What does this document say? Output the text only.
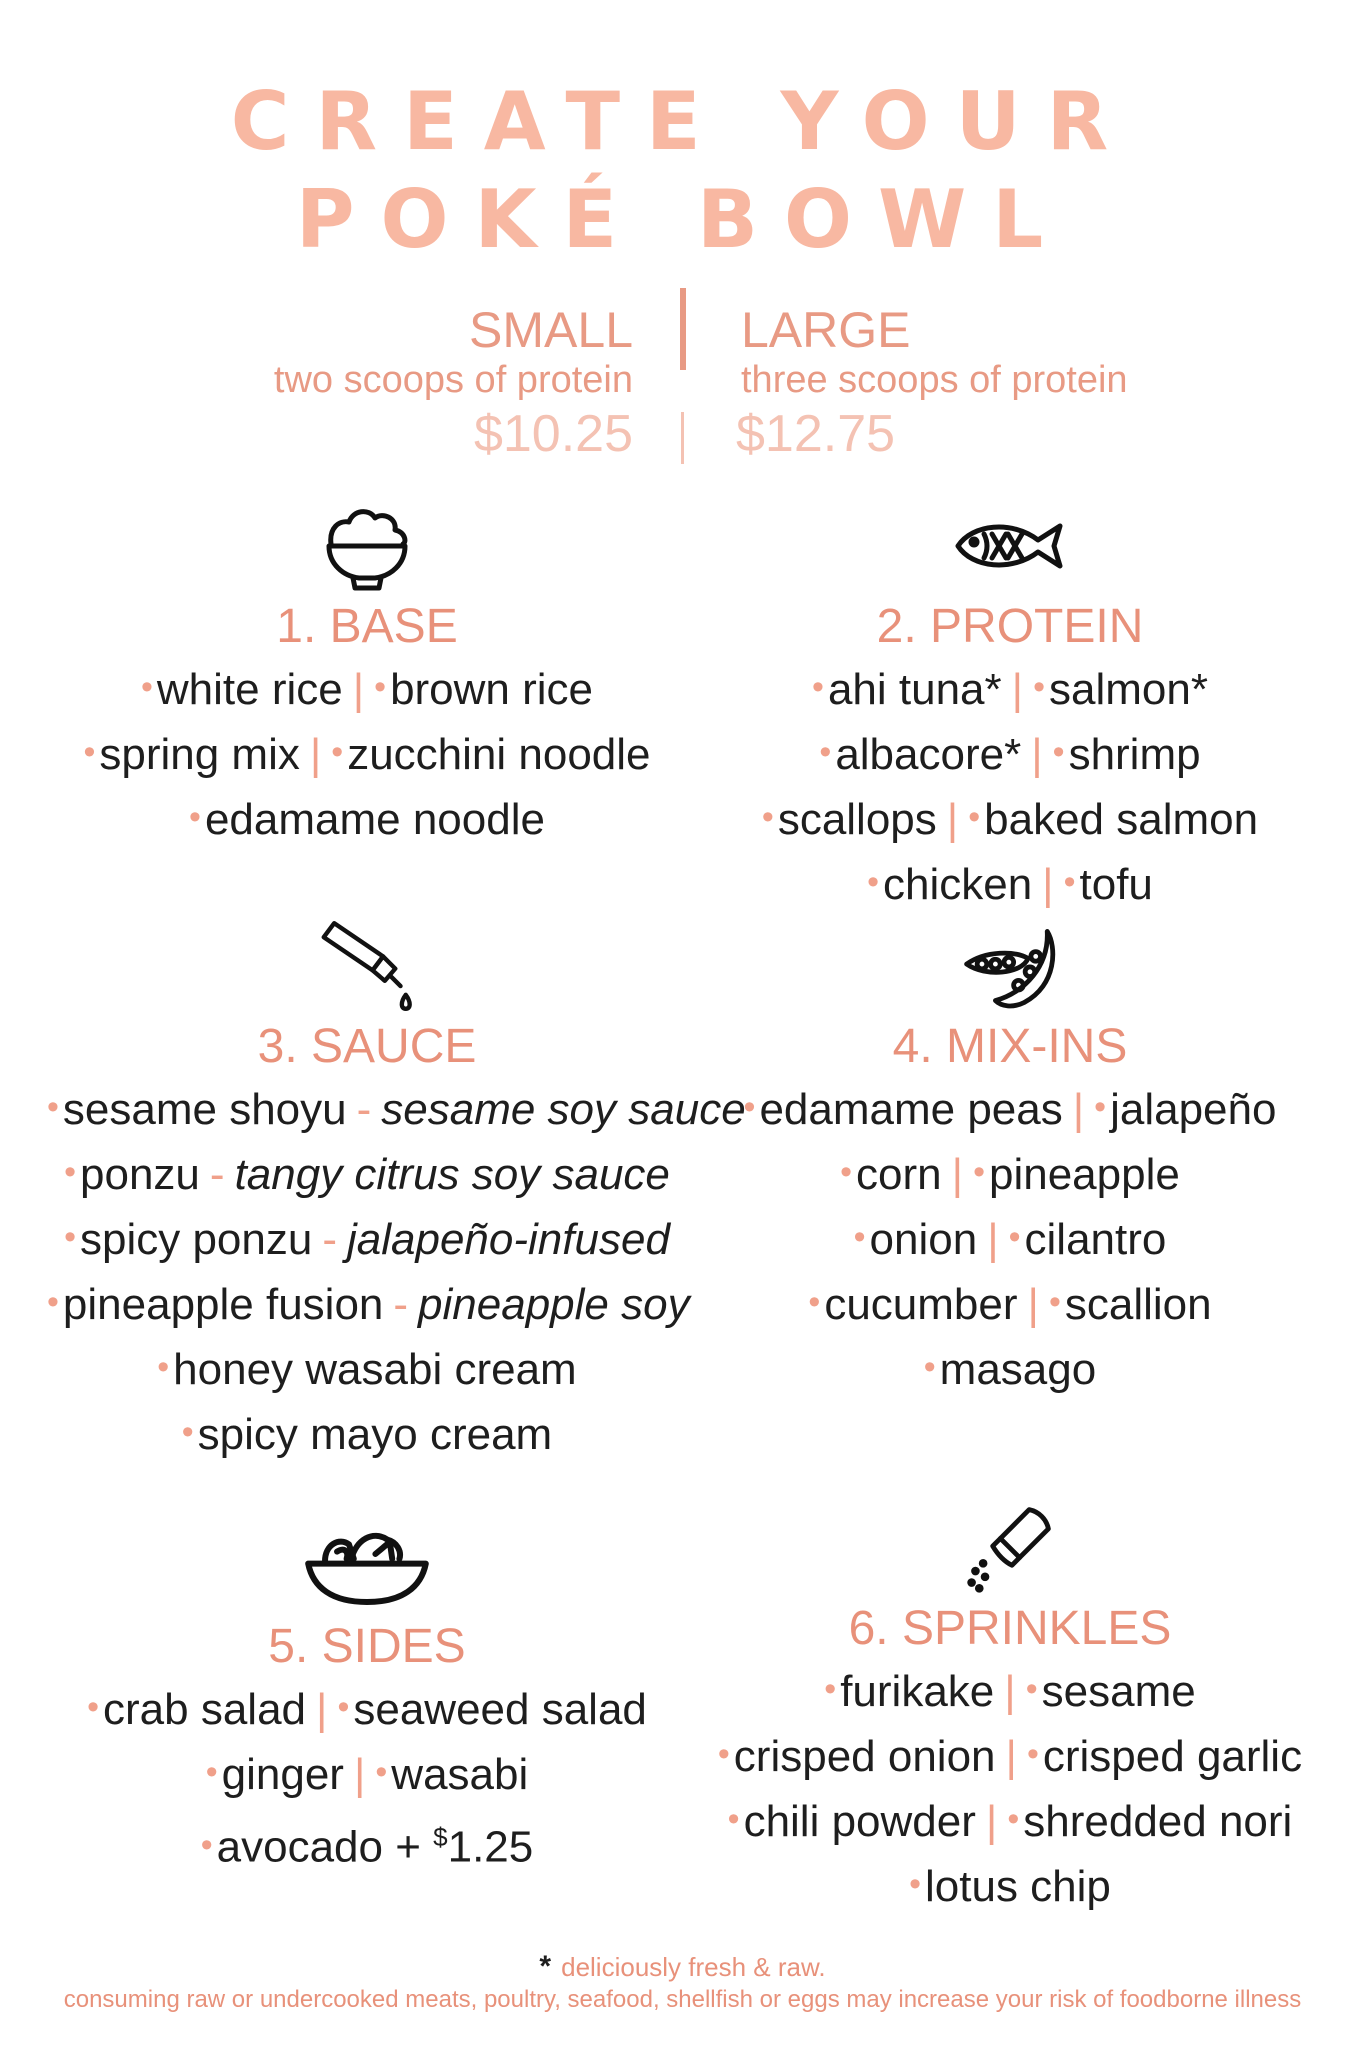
CREATE YOUR
POKÉ BOWL
SMALL
two scoops of protein
LARGE
three scoops of protein
$10.25 $12.75
1. BASE
•white rice | •brown rice
•spring mix | •zucchini noodle
•edamame noodle
2. PROTEIN
•ahi tuna* | •salmon*
•albacore* | •shrimp
•scallops | •baked salmon
•chicken | •tofu
3. SAUCE
•sesame shoyu - sesame soy sauce
•ponzu - tangy citrus soy sauce
•spicy ponzu - jalapeño-infused
•pineapple fusion - pineapple soy
•honey wasabi cream
•spicy mayo cream
4. MIX-INS
•edamame peas | •jalapeño
•corn | •pineapple
•onion | •cilantro
•cucumber | •scallion
•masago
5. SIDES
•crab salad | •seaweed salad
•ginger | •wasabi
•avocado + $1.25
6. SPRINKLES
•furikake | •sesame
•crisped onion | •crisped garlic
•chili powder | •shredded nori
•lotus chip
* deliciously fresh & raw.
consuming raw or undercooked meats, poultry, seafood, shellfish or eggs may increase your risk of foodborne illness
